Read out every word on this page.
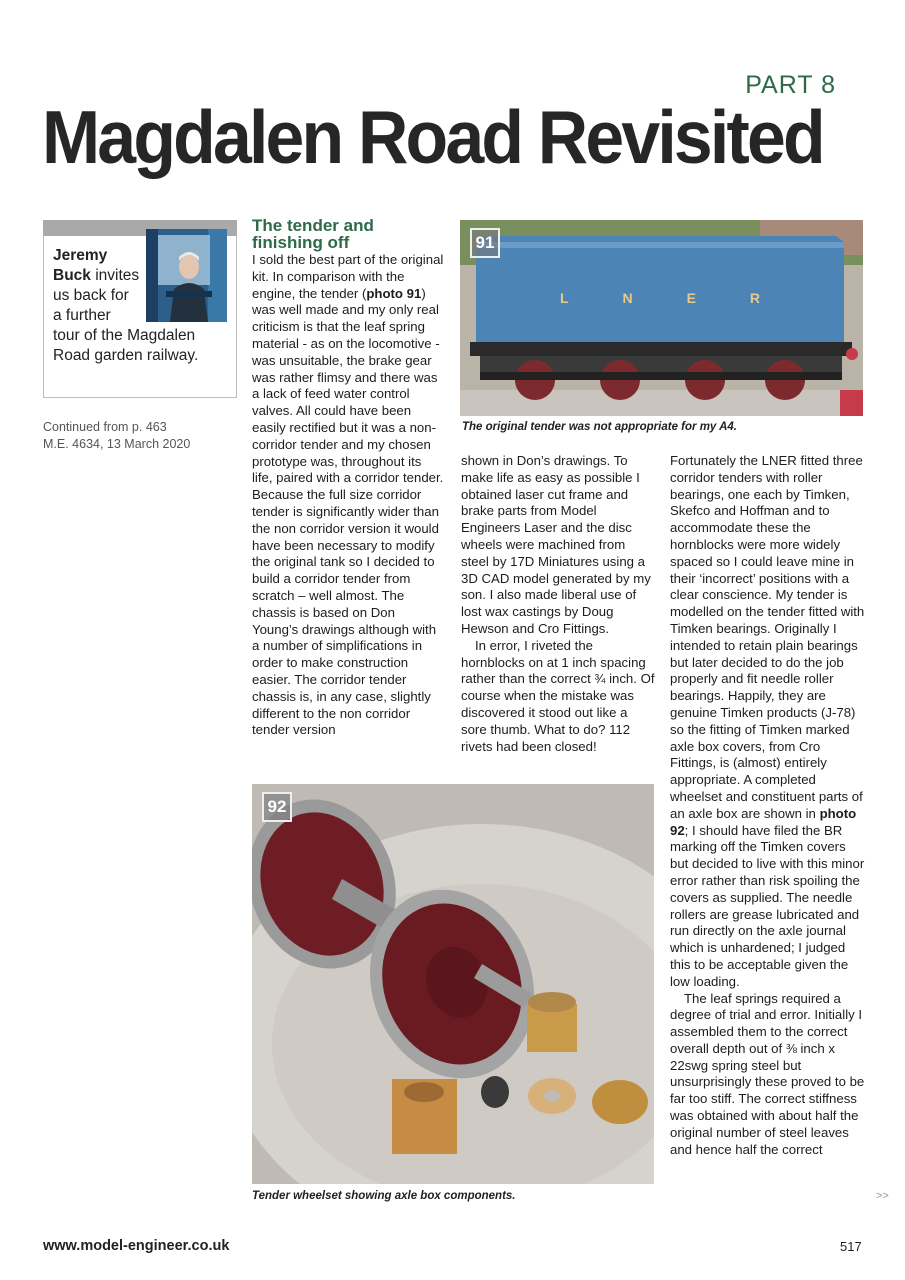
PART 8
Magdalen Road Revisited
Jeremy
Buck invites
us back for
a further
tour of the Magdalen Road garden railway.
Continued from p. 463
M.E. 4634, 13 March 2020
The tender and finishing off

I sold the best part of the original kit. In comparison with the engine, the tender (photo 91) was well made and my only real criticism is that the leaf spring material - as on the locomotive - was unsuitable, the brake gear was rather flimsy and there was a lack of feed water control valves. All could have been easily rectified but it was a non-corridor tender and my chosen prototype was, throughout its life, paired with a corridor tender. Because the full size corridor tender is significantly wider than the non corridor version it would have been necessary to modify the original tank so I decided to build a corridor tender from scratch – well almost. The chassis is based on Don Young’s drawings although with a number of simplifications in order to make construction easier. The corridor tender chassis is, in any case, slightly different to the non corridor tender version

91
L	N	E	R
The original tender was not appropriate for my A4.

shown in Don’s drawings. To make life as easy as possible I obtained laser cut frame and brake parts from Model Engineers Laser and the disc wheels were machined from steel by 17D Miniatures using a 3D CAD model generated by my son. I also made liberal use of lost wax castings by Doug Hewson and Cro Fittings.

In error, I riveted the hornblocks on at 1 inch spacing rather than the correct ¾ inch. Of course when the mistake was discovered it stood out like a sore thumb. What to do? 112 rivets had been closed!

Fortunately the LNER fitted three corridor tenders with roller bearings, one each by Timken, Skefco and Hoffman and to accommodate these the hornblocks were more widely spaced so I could leave mine in their ‘incorrect’ positions with a clear conscience. My tender is modelled on the tender fitted with Timken bearings. Originally I intended to retain plain bearings but later decided to do the job properly and fit needle roller bearings. Happily, they are genuine Timken products (J-78) so the fitting of Timken marked axle box covers, from Cro Fittings, is (almost) entirely appropriate. A completed wheelset and constituent parts of an axle box are shown in photo 92; I should have filed the BR marking off the Timken covers but decided to live with this minor error rather than risk spoiling the covers as supplied. The needle rollers are grease lubricated and run directly on the axle journal which is unhardened; I judged this to be acceptable given the low loading.

The leaf springs required a degree of trial and error. Initially I assembled them to the correct overall depth out of ⅜ inch x 22swg spring steel but unsurprisingly these proved to be far too stiff. The correct stiffness was obtained with about half the original number of steel leaves and hence half the correct

92
Tender wheelset showing axle box components.	>>
www.model-engineer.co.uk	517
